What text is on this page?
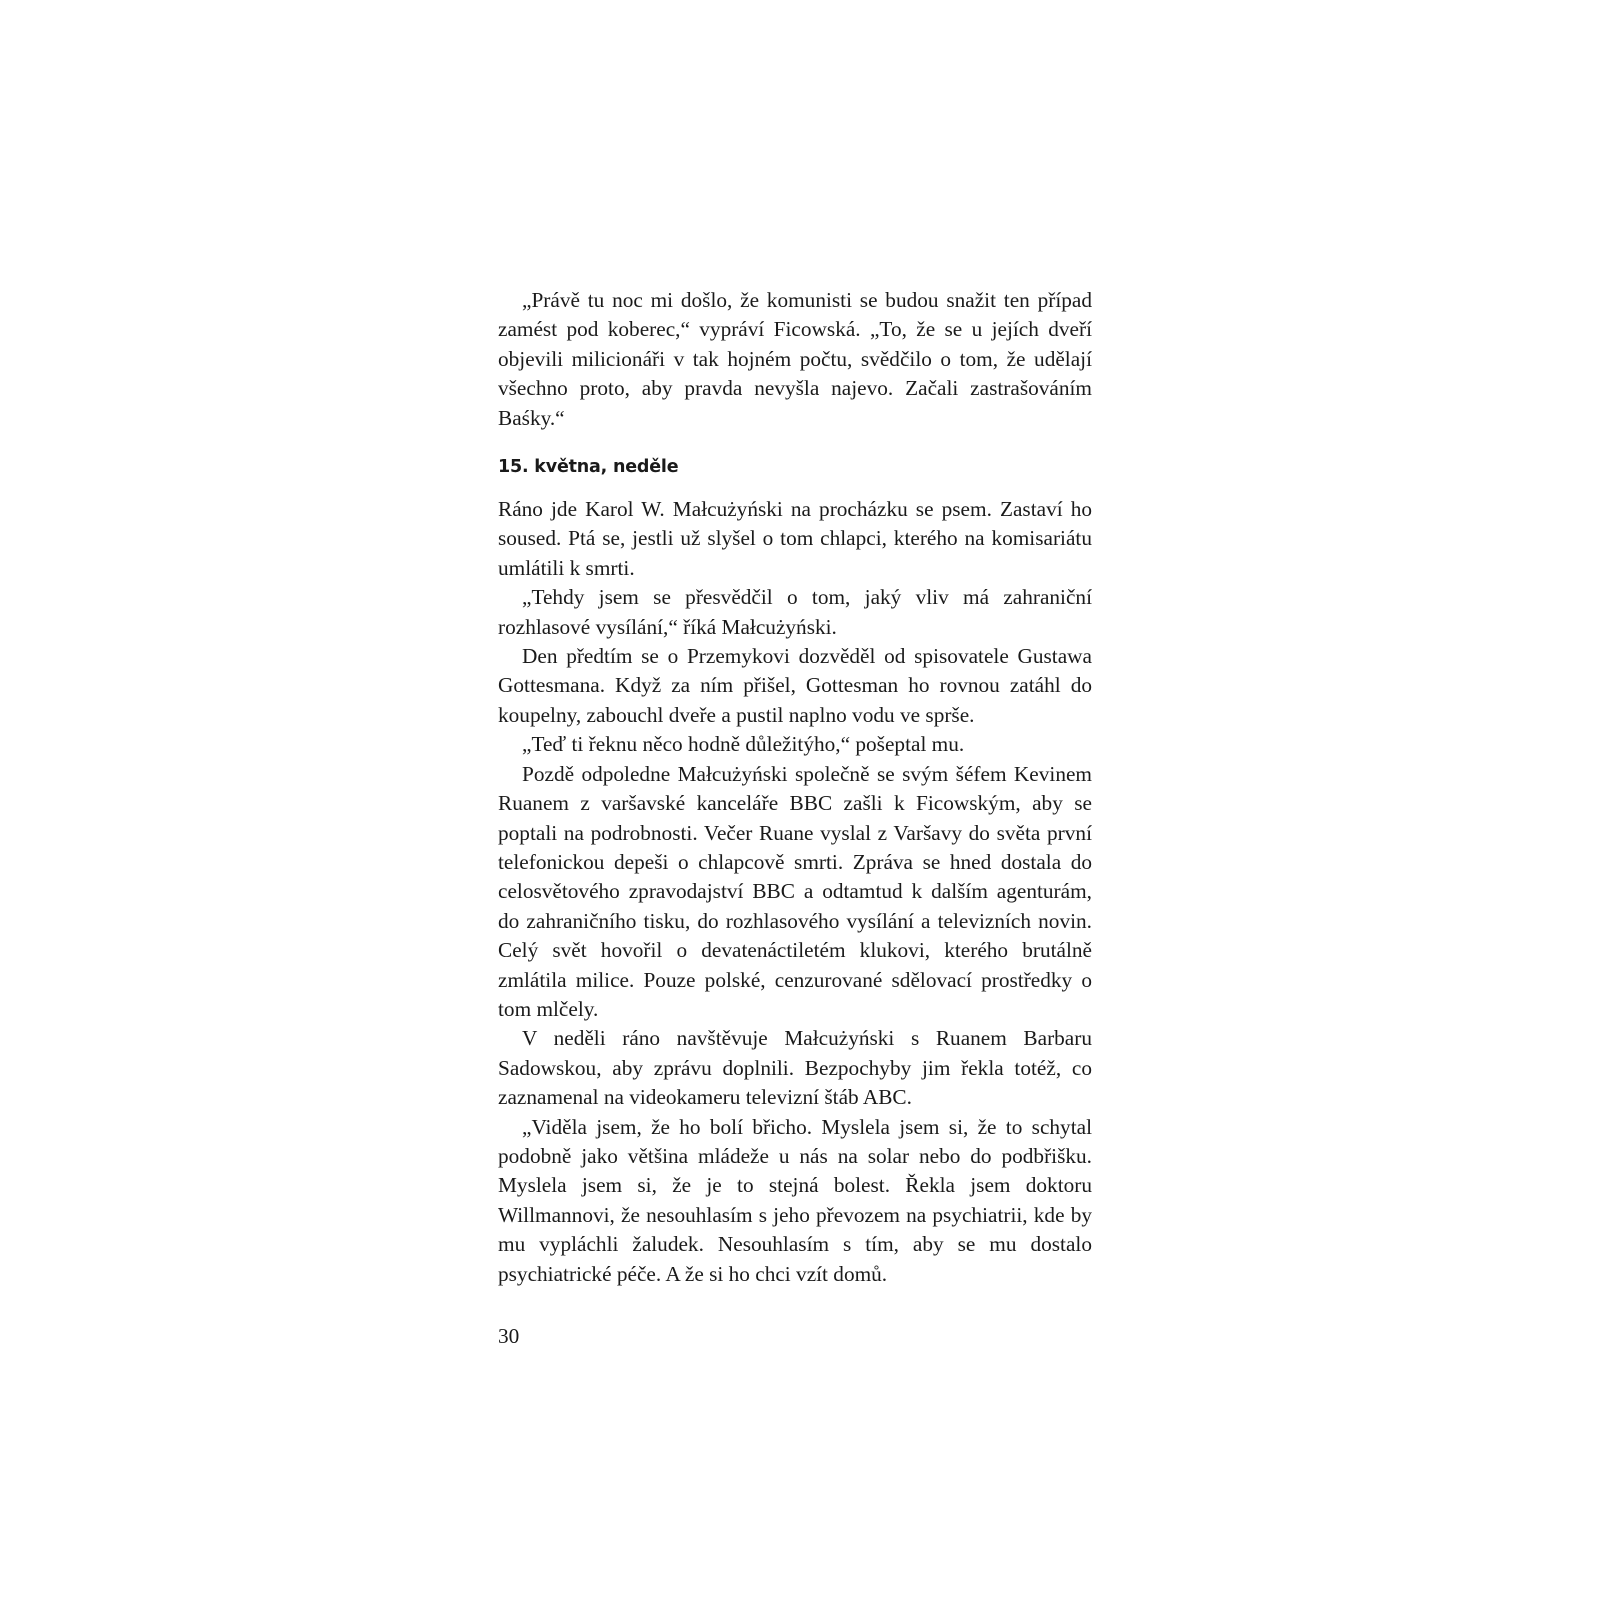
„Právě tu noc mi došlo, že komunisti se budou snažit ten případ zamést pod koberec,“ vypráví Ficowská. „To, že se u jejích dveří objevili milicionáři v tak hojném počtu, svědčilo o tom, že udělají všechno proto, aby pravda nevyšla najevo. Začali zastrašováním Baśky.“

15. května, neděle

Ráno jde Karol W. Małcużyński na procházku se psem. Zastaví ho soused. Ptá se, jestli už slyšel o tom chlapci, kterého na komisariátu umlátili k smrti.

„Tehdy jsem se přesvědčil o tom, jaký vliv má zahraniční rozhlasové vysílání,“ říká Małcużyński.

Den předtím se o Przemykovi dozvěděl od spisovatele Gustawa Gottesmana. Když za ním přišel, Gottesman ho rovnou zatáhl do koupelny, zabouchl dveře a pustil naplno vodu ve sprše.

„Teď ti řeknu něco hodně důležitýho,“ pošeptal mu.

Pozdě odpoledne Małcużyński společně se svým šéfem Kevinem Ruanem z varšavské kanceláře BBC zašli k Ficowským, aby se poptali na podrobnosti. Večer Ruane vyslal z Varšavy do světa první telefonickou depeši o chlapcově smrti. Zpráva se hned dostala do celosvětového zpravodajství BBC a odtamtud k dalším agenturám, do zahraničního tisku, do rozhlasového vysílání a televizních novin. Celý svět hovořil o devatenáctiletém klukovi, kterého brutálně zmlátila milice. Pouze polské, cenzurované sdělovací prostředky o tom mlčely.

V neděli ráno navštěvuje Małcużyński s Ruanem Barbaru Sadowskou, aby zprávu doplnili. Bezpochyby jim řekla totéž, co zaznamenal na videokameru televizní štáb ABC.

„Viděla jsem, že ho bolí břicho. Myslela jsem si, že to schytal podobně jako většina mládeže u nás na solar nebo do podbřišku. Myslela jsem si, že je to stejná bolest. Řekla jsem doktoru Willmannovi, že nesouhlasím s jeho převozem na psychiatrii, kde by mu vypláchli žaludek. Nesouhlasím s tím, aby se mu dostalo psychiatrické péče. A že si ho chci vzít domů.

30
